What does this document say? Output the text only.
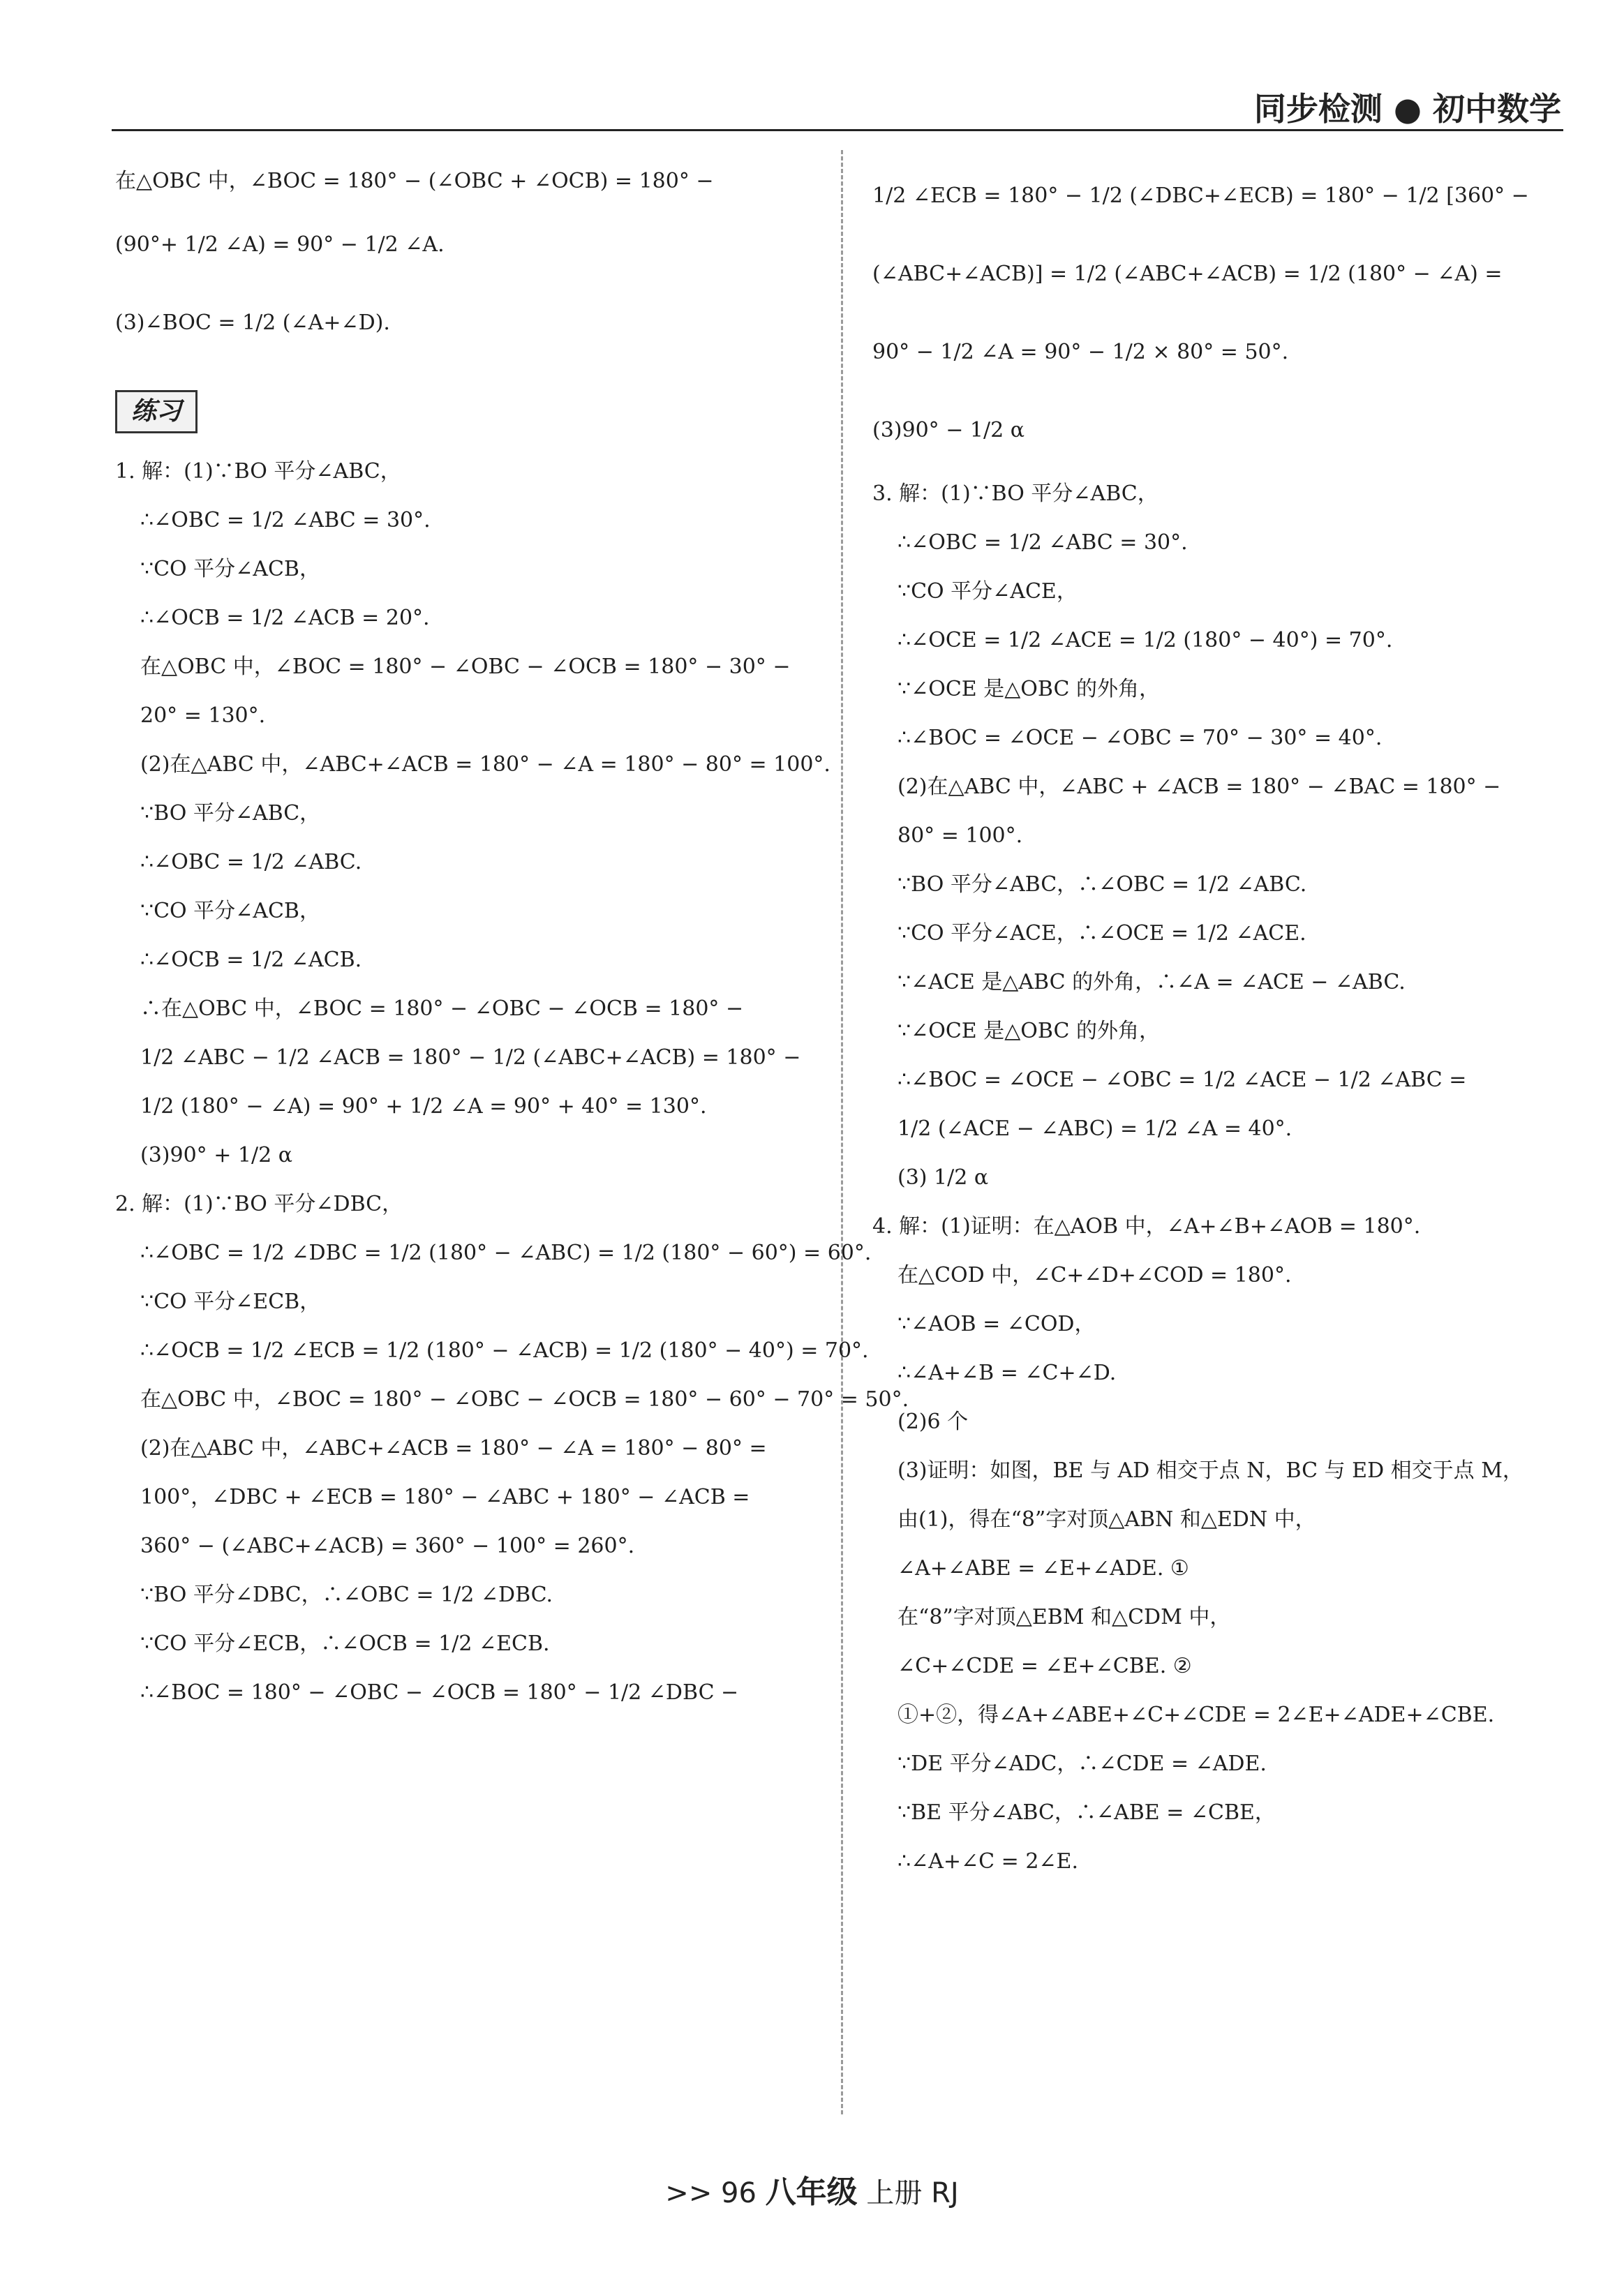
同步检测 ● 初中数学
在△OBC 中，∠BOC = 180° − (∠OBC + ∠OCB) = 180° −
(90°+ 1/2 ∠A) = 90° − 1/2 ∠A.
(3)∠BOC = 1/2 (∠A+∠D).
练习
1. 解：(1)∵BO 平分∠ABC，
∴∠OBC = 1/2 ∠ABC = 30°.
∵CO 平分∠ACB，
∴∠OCB = 1/2 ∠ACB = 20°.
在△OBC 中，∠BOC = 180° − ∠OBC − ∠OCB = 180° − 30° −
20° = 130°.
(2)在△ABC 中，∠ABC+∠ACB = 180° − ∠A = 180° − 80° = 100°.
∵BO 平分∠ABC，
∴∠OBC = 1/2 ∠ABC.
∵CO 平分∠ACB，
∴∠OCB = 1/2 ∠ACB.
∴在△OBC 中，∠BOC = 180° − ∠OBC − ∠OCB = 180° −
1/2 ∠ABC − 1/2 ∠ACB = 180° − 1/2 (∠ABC+∠ACB) = 180° −
1/2 (180° − ∠A) = 90° + 1/2 ∠A = 90° + 40° = 130°.
(3)90° + 1/2 α
2. 解：(1)∵BO 平分∠DBC，
∴∠OBC = 1/2 ∠DBC = 1/2 (180° − ∠ABC) = 1/2 (180° − 60°) = 60°.
∵CO 平分∠ECB，
∴∠OCB = 1/2 ∠ECB = 1/2 (180° − ∠ACB) = 1/2 (180° − 40°) = 70°.
在△OBC 中，∠BOC = 180° − ∠OBC − ∠OCB = 180° − 60° − 70° = 50°.
(2)在△ABC 中，∠ABC+∠ACB = 180° − ∠A = 180° − 80° =
100°，∠DBC + ∠ECB = 180° − ∠ABC + 180° − ∠ACB =
360° − (∠ABC+∠ACB) = 360° − 100° = 260°.
∵BO 平分∠DBC，∴∠OBC = 1/2 ∠DBC.
∵CO 平分∠ECB，∴∠OCB = 1/2 ∠ECB.
∴∠BOC = 180° − ∠OBC − ∠OCB = 180° − 1/2 ∠DBC −
1/2 ∠ECB = 180° − 1/2 (∠DBC+∠ECB) = 180° − 1/2 [360° −
(∠ABC+∠ACB)] = 1/2 (∠ABC+∠ACB) = 1/2 (180° − ∠A) =
90° − 1/2 ∠A = 90° − 1/2 × 80° = 50°.
(3)90° − 1/2 α
3. 解：(1)∵BO 平分∠ABC，
∴∠OBC = 1/2 ∠ABC = 30°.
∵CO 平分∠ACE，
∴∠OCE = 1/2 ∠ACE = 1/2 (180° − 40°) = 70°.
∵∠OCE 是△OBC 的外角，
∴∠BOC = ∠OCE − ∠OBC = 70° − 30° = 40°.
(2)在△ABC 中，∠ABC + ∠ACB = 180° − ∠BAC = 180° −
80° = 100°.
∵BO 平分∠ABC，∴∠OBC = 1/2 ∠ABC.
∵CO 平分∠ACE，∴∠OCE = 1/2 ∠ACE.
∵∠ACE 是△ABC 的外角，∴∠A = ∠ACE − ∠ABC.
∵∠OCE 是△OBC 的外角，
∴∠BOC = ∠OCE − ∠OBC = 1/2 ∠ACE − 1/2 ∠ABC =
1/2 (∠ACE − ∠ABC) = 1/2 ∠A = 40°.
(3) 1/2 α
4. 解：(1)证明：在△AOB 中，∠A+∠B+∠AOB = 180°.
在△COD 中，∠C+∠D+∠COD = 180°.
∵∠AOB = ∠COD，
∴∠A+∠B = ∠C+∠D.
(2)6 个
(3)证明：如图，BE 与 AD 相交于点 N，BC 与 ED 相交于点 M，
由(1)，得在“8”字对顶△ABN 和△EDN 中，
∠A+∠ABE = ∠E+∠ADE. ①
在“8”字对顶△EBM 和△CDM 中，
∠C+∠CDE = ∠E+∠CBE. ②
①+②，得∠A+∠ABE+∠C+∠CDE = 2∠E+∠ADE+∠CBE.
∵DE 平分∠ADC，∴∠CDE = ∠ADE.
∵BE 平分∠ABC，∴∠ABE = ∠CBE，
∴∠A+∠C = 2∠E.
>> 96 八年级 上册 RJ
